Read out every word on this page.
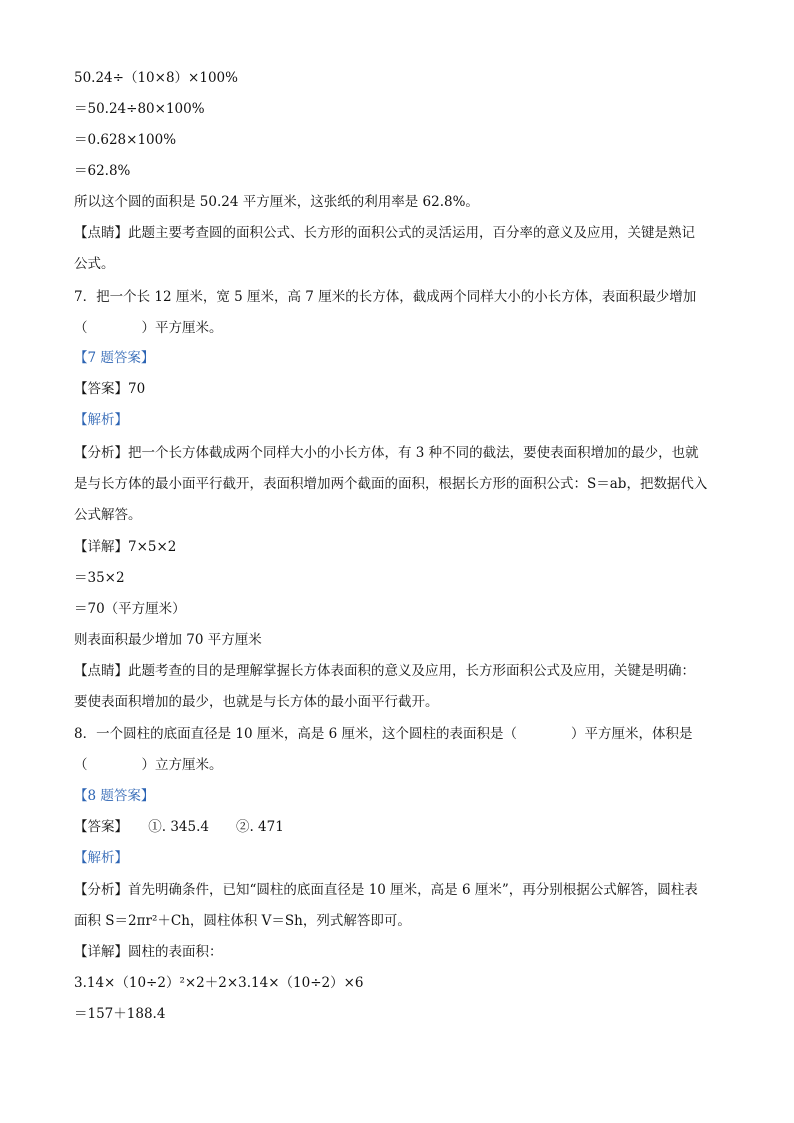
50.24÷（10×8）×100%
＝50.24÷80×100%
＝0.628×100%
＝62.8%
所以这个圆的面积是 50.24 平方厘米，这张纸的利用率是 62.8%。
【点睛】此题主要考查圆的面积公式、长方形的面积公式的灵活运用，百分率的意义及应用，关键是熟记
公式。
7．把一个长 12 厘米，宽 5 厘米，高 7 厘米的长方体，截成两个同样大小的小长方体，表面积最少增加
（　　　　）平方厘米。
【7 题答案】
【答案】70
【解析】
【分析】把一个长方体截成两个同样大小的小长方体，有 3 种不同的截法，要使表面积增加的最少，也就
是与长方体的最小面平行截开，表面积增加两个截面的面积，根据长方形的面积公式：S＝ab，把数据代入
公式解答。
【详解】7×5×2
＝35×2
＝70（平方厘米）
则表面积最少增加 70 平方厘米
【点睛】此题考查的目的是理解掌握长方体表面积的意义及应用，长方形面积公式及应用，关键是明确：
要使表面积增加的最少，也就是与长方体的最小面平行截开。
8．一个圆柱的底面直径是 10 厘米，高是 6 厘米，这个圆柱的表面积是（　　　　）平方厘米，体积是
（　　　　）立方厘米。
【8 题答案】
【答案】　　①. 345.4　　②. 471
【解析】
【分析】首先明确条件，已知“圆柱的底面直径是 10 厘米，高是 6 厘米”，再分别根据公式解答，圆柱表
面积 S＝2πr²＋Ch，圆柱体积 V＝Sh，列式解答即可。
【详解】圆柱的表面积：
3.14×（10÷2）²×2＋2×3.14×（10÷2）×6
＝157＋188.4
